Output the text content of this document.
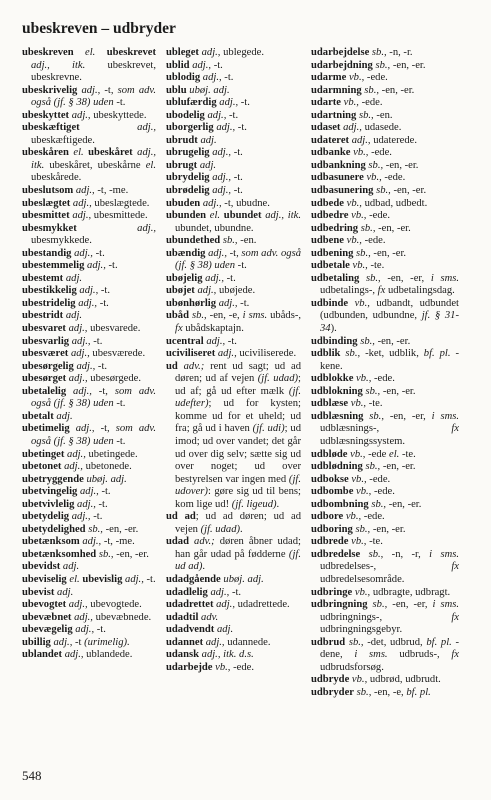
ubeskreven – udbryder
ubeskreven el. ubeskrevet adj., itk. ubeskrevet, ubeskrevne.
ubeskrivelig adj., -t, som adv. også (jf. § 38) uden -t.
ubeskyttet adj., ubeskyttede.
ubeskæftiget adj., ubeskæftigede.
ubeskåren el. ubeskåret adj., itk. ubeskåret, ubeskårne el. ubeskårede.
ubeslutsom adj., -t, -me.
ubeslægtet adj., ubeslægtede.
ubesmittet adj., ubesmittede.
ubesmykket adj., ubesmykkede.
ubestandig adj., -t.
ubestemmelig adj., -t.
ubestemt adj.
ubestikkelig adj., -t.
ubestridelig adj., -t.
ubestridt adj.
ubesvaret adj., ubesvarede.
ubesvarlig adj., -t.
ubesværet adj., ubesværede.
ubesørgelig adj., -t.
ubesørget adj., ubesørgede.
ubetalelig adj., -t, som adv. også (jf. § 38) uden -t.
ubetalt adj.
ubetimelig adj., -t, som adv. også (jf. § 38) uden -t.
ubetinget adj., ubetingede.
ubetonet adj., ubetonede.
ubetryggende ubøj. adj.
ubetvingelig adj., -t.
ubetvivlelig adj., -t.
ubetydelig adj., -t.
ubetydelighed sb., -en, -er.
ubetænksom adj., -t, -me.
ubetænksomhed sb., -en, -er.
ubevidst adj.
ubeviselig el. ubevislig adj., -t.
ubevist adj.
ubevogtet adj., ubevogtede.
ubevæbnet adj., ubevæbnede.
ubevægelig adj., -t.
ubillig adj., -t (urimelig).
ublandet adj., ublandede.
ubleget adj., ublegede.
ublid adj., -t.
ublodig adj., -t.
ublu ubøj. adj.
ublufærdig adj., -t.
ubodelig adj., -t.
uborgerlig adj., -t.
ubrudt adj.
ubrugelig adj., -t.
ubrugt adj.
ubrydelig adj., -t.
ubrødelig adj., -t.
ubuden adj., -t, ubudne.
ubunden el. ubundet adj., itk. ubundet, ubundne.
ubundethed sb., -en.
ubændig adj., -t, som adv. også (jf. § 38) uden -t.
ubøjelig adj., -t.
ubøjet adj., ubøjede.
ubønhørlig adj., -t.
ubåd sb., -en, -e, i sms. ubåds-, fx ubådskaptajn.
ucentral adj., -t.
uciviliseret adj., uciviliserede.
ud adv.; rent ud sagt; ud ad døren; ud af vejen (jf. udad); ud af; gå ud efter mælk (jf. udefter); ud for kysten; komme ud for et uheld; ud fra; gå ud i haven (jf. udi); ud imod; ud over vandet; det går ud over dig selv; sætte sig ud over noget; ud over bestyrelsen var ingen med (jf. udover): gøre sig ud til bens; kom lige ud! (jf. ligeud).
ud ad; ud ad døren; ud ad vejen (jf. udad).
udad adv.; døren åbner udad; han går udad på fødderne (jf. ud ad).
udadgående ubøj. adj.
udadlelig adj., -t.
udadrettet adj., udadrettede.
udadtil adv.
udadvendt adj.
udannet adj., udannede.
udansk adj., itk. d.s.
udarbejde vb., -ede.
udarbejdelse sb., -n, -r.
udarbejdning sb., -en, -er.
udarme vb., -ede.
udarmning sb., -en, -er.
udarte vb., -ede.
udartning sb., -en.
udaset adj., udasede.
udateret adj., udaterede.
udbanke vb., -ede.
udbankning sb., -en, -er.
udbasunere vb., -ede.
udbasunering sb., -en, -er.
udbede vb., udbad, udbedt.
udbedre vb., -ede.
udbedring sb., -en, -er.
udbene vb., -ede.
udbening sb., -en, -er.
udbetale vb., -te.
udbetaling sb., -en, -er, i sms. udbetalings-, fx udbetalingsdag.
udbinde vb., udbandt, udbundet (udbunden, udbundne, jf. § 31-34).
udbinding sb., -en, -er.
udblik sb., -ket, udblik, bf. pl. -kene.
udblokke vb., -ede.
udblokning sb., -en, -er.
udblæse vb., -te.
udblæsning sb., -en, -er, i sms. udblæsnings-, fx udblæsningssystem.
udbløde vb., -ede el. -te.
udblødning sb., -en, -er.
udbokse vb., -ede.
udbombe vb., -ede.
udbombning sb., -en, -er.
udbore vb., -ede.
udboring sb., -en, -er.
udbrede vb., -te.
udbredelse sb., -n, -r, i sms. udbredelses-, fx udbredelsesområde.
udbringe vb., udbragte, udbragt.
udbringning sb., -en, -er, i sms. udbringnings-, fx udbringningsgebyr.
udbrud sb., -det, udbrud, bf. pl. -dene, i sms. udbruds-, fx udbrudsforsøg.
udbryde vb., udbrød, udbrudt.
udbryder sb., -en, -e, bf. pl.
548
